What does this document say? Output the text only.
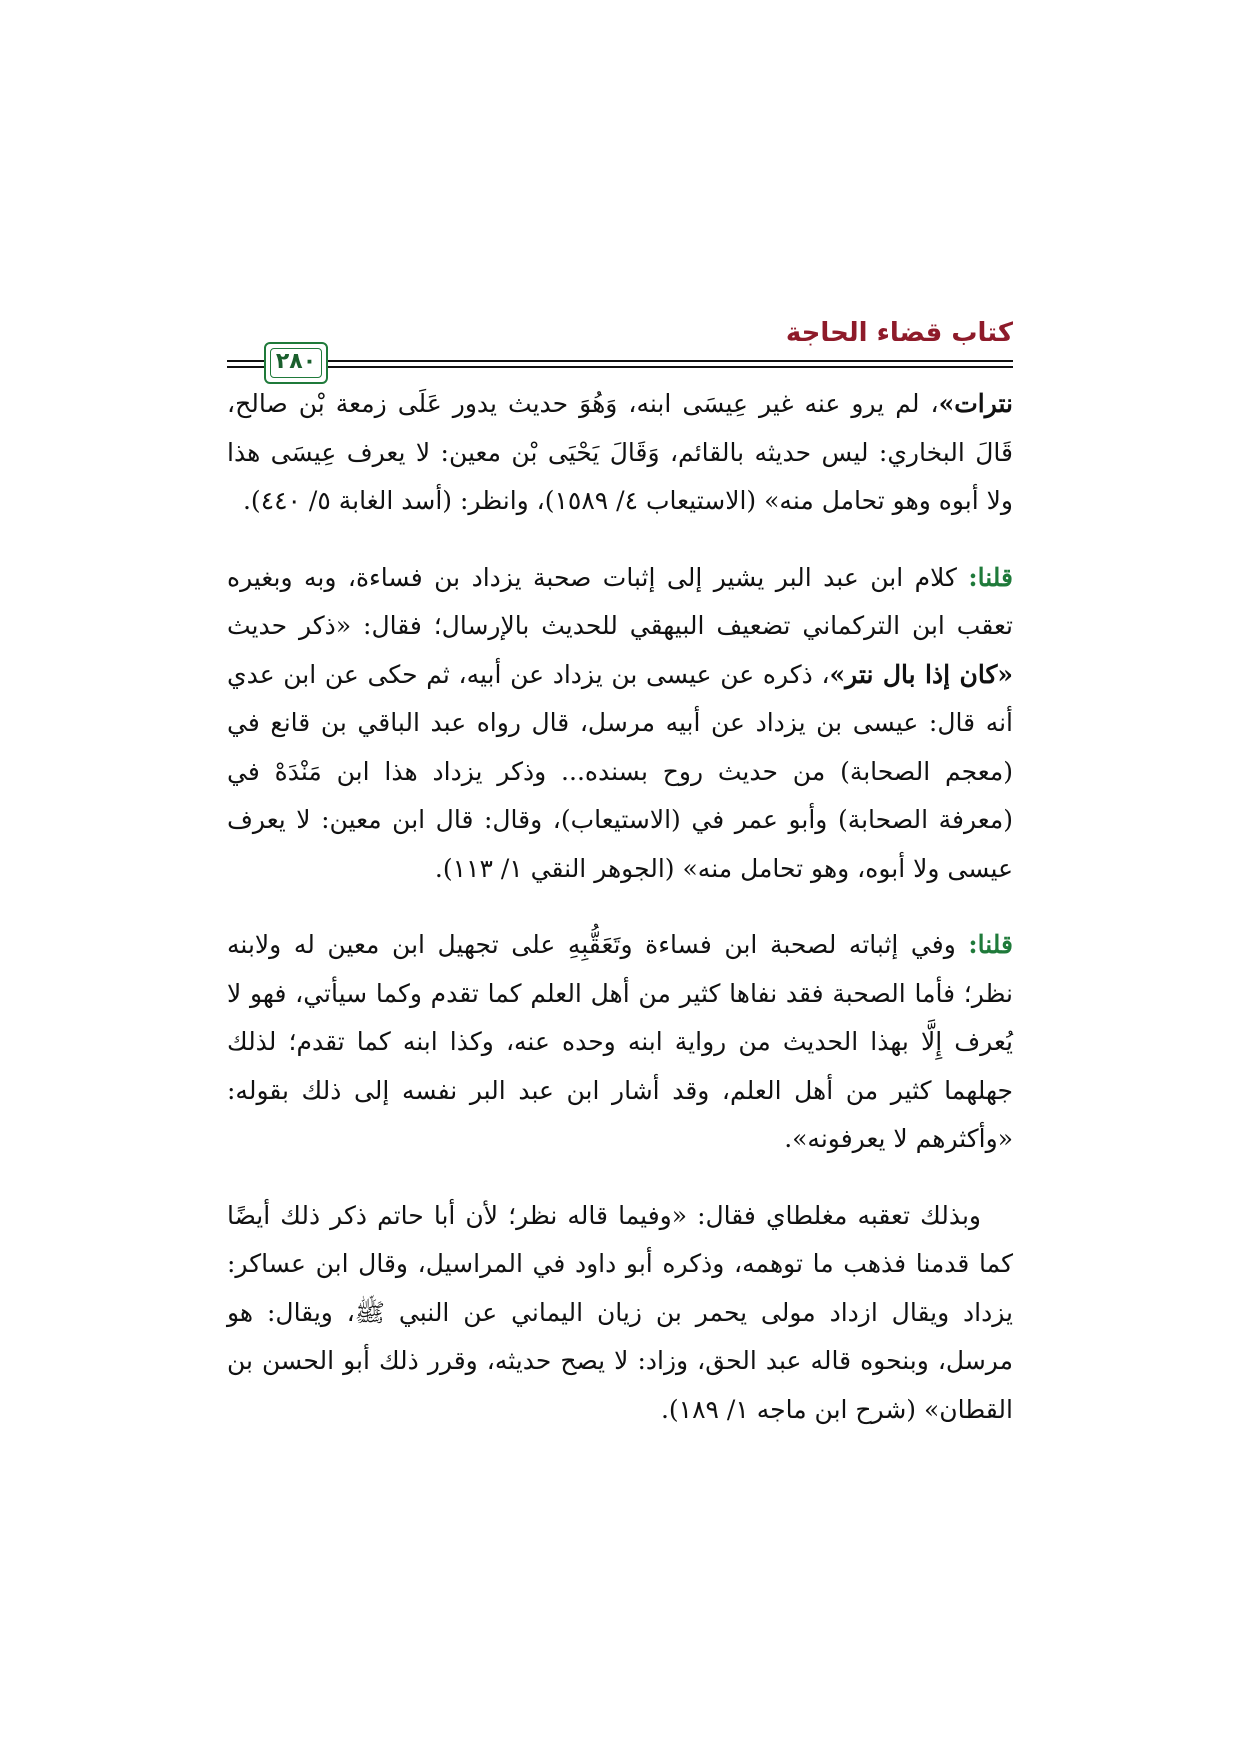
كتاب قضاء الحاجة
٢٨٠

نترات»، لم يرو عنه غير عِيسَى ابنه، وَهُوَ حديث يدور عَلَى زمعة بْن صالح، قَالَ البخاري: ليس حديثه بالقائم، وَقَالَ يَحْيَى بْن معين: لا يعرف عِيسَى هذا ولا أبوه وهو تحامل منه» (الاستيعاب ٤/ ١٥٨٩)، وانظر: (أسد الغابة ٥/ ٤٤٠).

قلنا: كلام ابن عبد البر يشير إلى إثبات صحبة يزداد بن فساءة، وبه وبغيره تعقب ابن التركماني تضعيف البيهقي للحديث بالإرسال؛ فقال: «ذكر حديث «كان إذا بال نتر»، ذكره عن عيسى بن يزداد عن أبيه، ثم حكى عن ابن عدي أنه قال: عيسى بن يزداد عن أبيه مرسل، قال رواه عبد الباقي بن قانع في (معجم الصحابة) من حديث روح بسنده... وذكر يزداد هذا ابن مَنْدَهْ في (معرفة الصحابة) وأبو عمر في (الاستيعاب)، وقال: قال ابن معين: لا يعرف عيسى ولا أبوه، وهو تحامل منه» (الجوهر النقي ١/ ١١٣).

قلنا: وفي إثباته لصحبة ابن فساءة وتَعَقُّبِهِ على تجهيل ابن معين له ولابنه نظر؛ فأما الصحبة فقد نفاها كثير من أهل العلم كما تقدم وكما سيأتي، فهو لا يُعرف إِلَّا بهذا الحديث من رواية ابنه وحده عنه، وكذا ابنه كما تقدم؛ لذلك جهلهما كثير من أهل العلم، وقد أشار ابن عبد البر نفسه إلى ذلك بقوله: «وأكثرهم لا يعرفونه».

وبذلك تعقبه مغلطاي فقال: «وفيما قاله نظر؛ لأن أبا حاتم ذكر ذلك أيضًا كما قدمنا فذهب ما توهمه، وذكره أبو داود في المراسيل، وقال ابن عساكر: يزداد ويقال ازداد مولى يحمر بن زيان اليماني عن النبي ﷺ، ويقال: هو مرسل، وبنحوه قاله عبد الحق، وزاد: لا يصح حديثه، وقرر ذلك أبو الحسن بن القطان» (شرح ابن ماجه ١/ ١٨٩).
